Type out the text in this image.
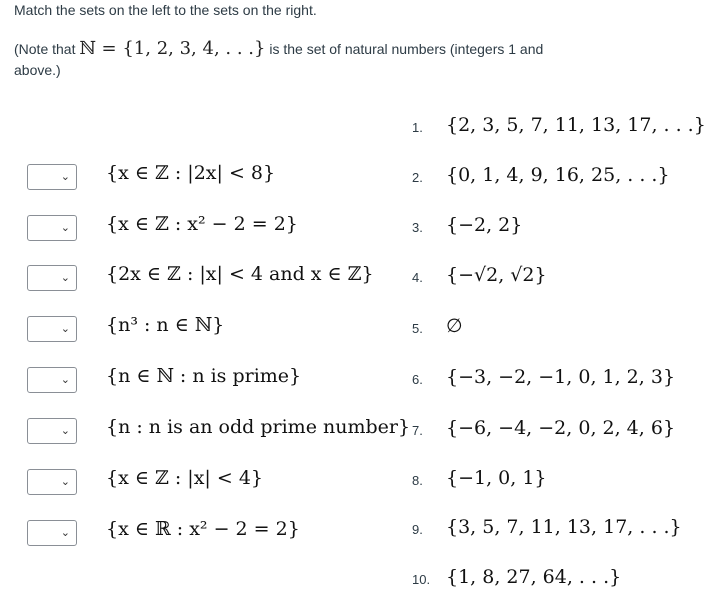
Match the sets on the left to the sets on the right.
(Note that ℕ = {1, 2, 3, 4, . . .} is the set of natural numbers (integers 1 and above.)
⌄ {x ∈ ℤ : |2x| < 8}
⌄ {x ∈ ℤ : x² − 2 = 2}
⌄ {2x ∈ ℤ : |x| < 4 and x ∈ ℤ}
⌄ {n³ : n ∈ ℕ}
⌄ {n ∈ ℕ : n is prime}
⌄ {n : n is an odd prime number}
⌄ {x ∈ ℤ : |x| < 4}
⌄ {x ∈ ℝ : x² − 2 = 2}
1. {2, 3, 5, 7, 11, 13, 17, . . .}
2. {0, 1, 4, 9, 16, 25, . . .}
3. {−2, 2}
4. {−√2, √2}
5. ∅
6. {−3, −2, −1, 0, 1, 2, 3}
7. {−6, −4, −2, 0, 2, 4, 6}
8. {−1, 0, 1}
9. {3, 5, 7, 11, 13, 17, . . .}
10. {1, 8, 27, 64, . . .}
